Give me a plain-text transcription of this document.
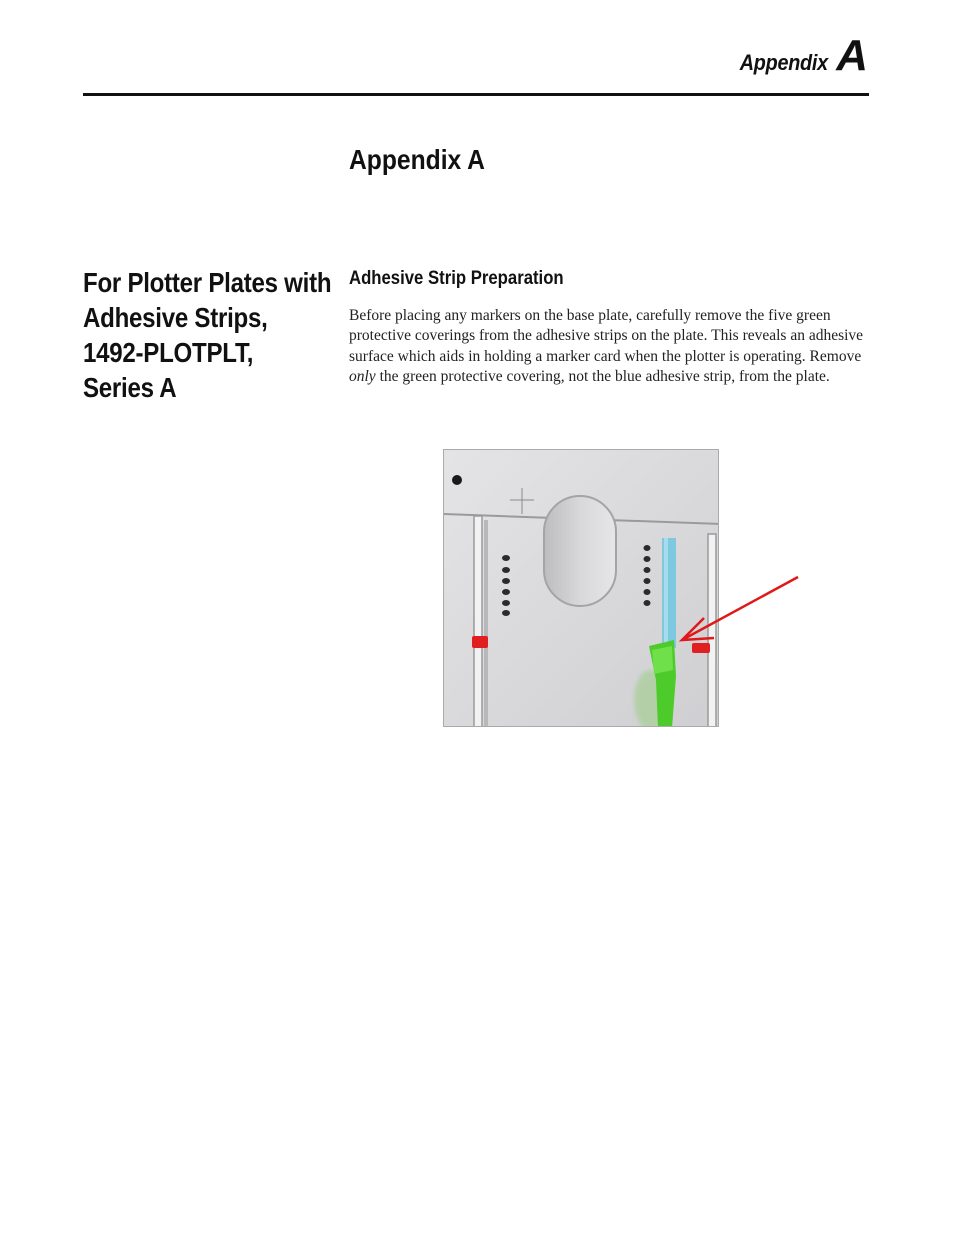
Appendix A
Appendix A
For Plotter Plates with
Adhesive Strips,
1492-PLOTPLT,
Series A
Adhesive Strip Preparation

Before placing any markers on the base plate, carefully remove the five green protective coverings from the adhesive strips on the plate. This reveals an adhesive surface which aids in holding a marker card when the plotter is operating. Remove only the green protective covering, not the blue adhesive strip, from the plate.
